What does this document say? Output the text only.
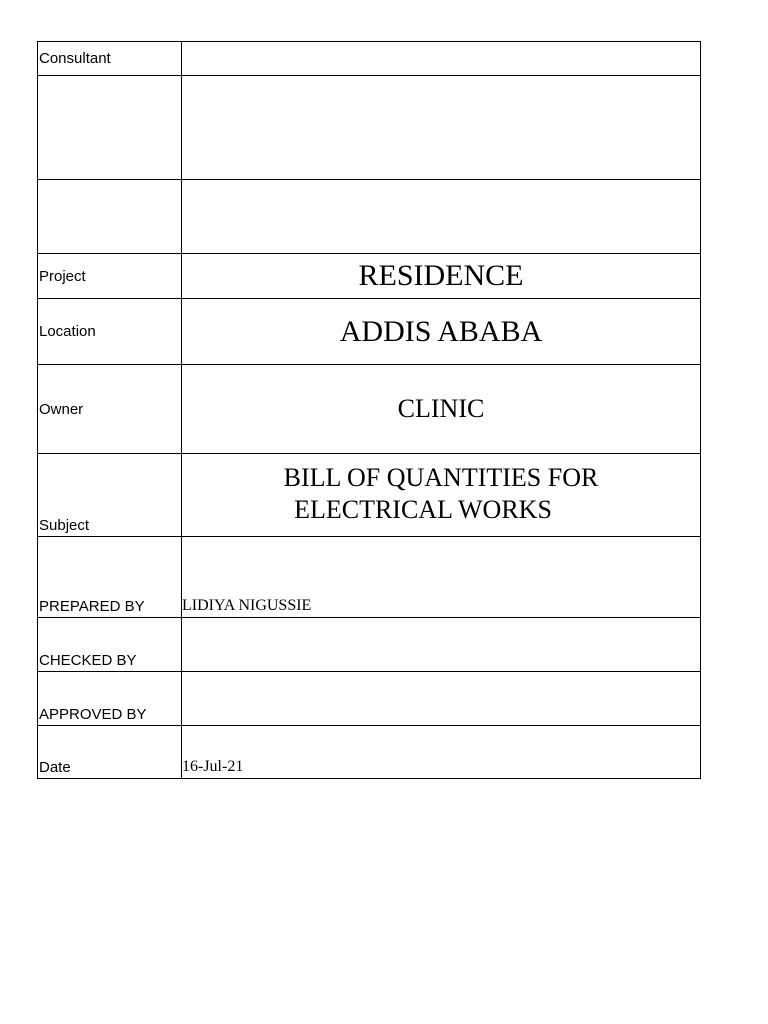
Consultant	

Project	RESIDENCE
Location	ADDIS ABABA
Owner	CLINIC
Subject	BILL OF QUANTITIES FOR
ELECTRICAL WORKS

PREPARED BY	LIDIYA NIGUSSIE
CHECKED BY	
APPROVED BY	
Date	16-Jul-21
